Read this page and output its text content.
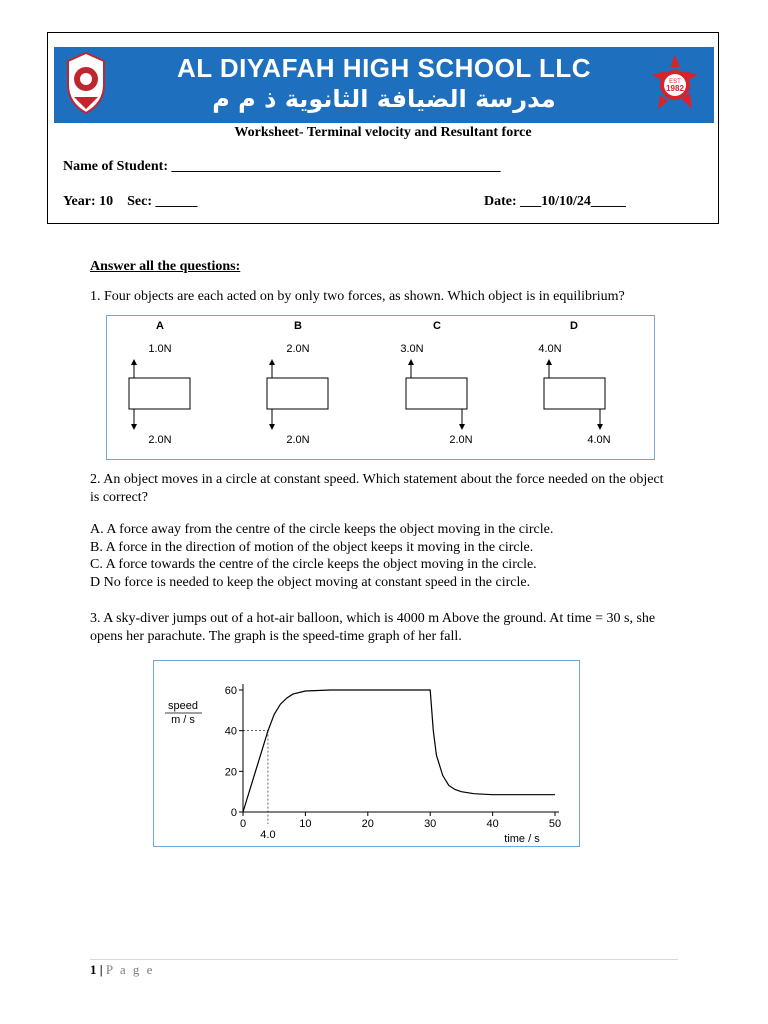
AL DIYAFAH HIGH SCHOOL LLC
مدرسة الضيافة الثانوية ذ م م
EST
1982
Worksheet- Terminal velocity and Resultant force
Name of Student: _______________________________________________
Year: 10    Sec: ______	Date: ___10/10/24_____
Answer all the questions:
1. Four objects are each acted on by only two forces, as shown. Which object is in equilibrium?
A
1.0N
2.0N
B
2.0N
2.0N
C
3.0N
2.0N
D
4.0N
4.0N
2. An object moves in a circle at constant speed. Which statement about the force needed on the object is correct?
A. A force away from the centre of the circle keeps the object moving in the circle.
B. A force in the direction of motion of the object keeps it moving in the circle.
C. A force towards the centre of the circle keeps the object moving in the circle.
D No force is needed to keep the object moving at constant speed in the circle.
3. A sky-diver jumps out of a hot-air balloon, which is 4000 m Above the ground. At time = 30 s, she opens her parachute. The graph is the speed-time graph of her fall.
speed
m / s
time / s
0	10	20	30	40	50
0
20
40
60
4.0
1 | P a g e
